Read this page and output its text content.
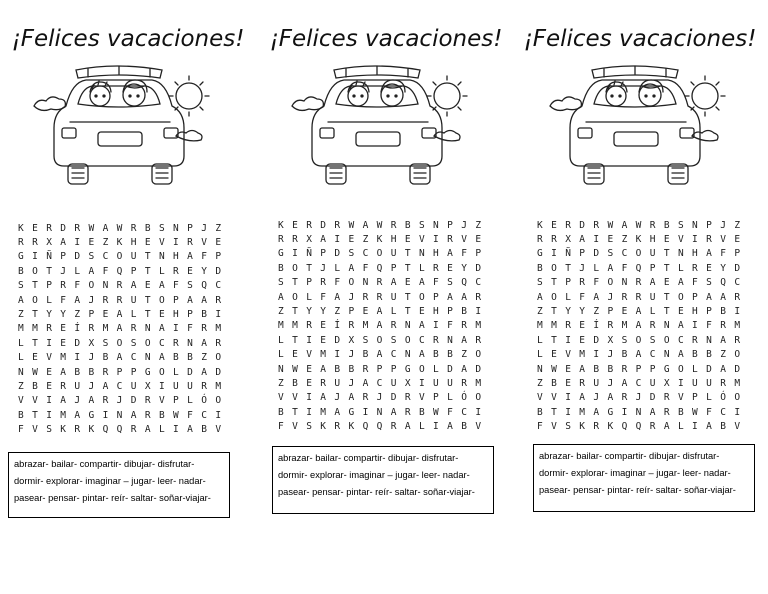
¡Felices vacaciones!
K E R D R W A W R B S N P J Z
R R X A I E Z K H E V I R V E
G I Ñ P D S C O U T N H A F P
B O T J L A F Q P T L R E Y D
S T P R F O N R A E A F S Q C
A O L F A J R R U T O P A A R
Z T Y Y Z P E A L T E H P B I
M M R E Í R M A R N A I F R M
L T I E D X S O S O C R N A R
L E V M I J B A C N A B B Z O
N W E A B B R P P G O L D A D
Z B E R U J A C U X I U U R M
V V I A J A R J D R V P L Ó O
B T I M A G I N A R B W F C I
F V S K R K Q Q R A L I A B V
abrazar- bailar- compartir- dibujar- disfrutar-
dormir- explorar- imaginar – jugar- leer- nadar-
pasear- pensar- pintar- reír- saltar- soñar-viajar-
¡Felices vacaciones!
K E R D R W A W R B S N P J Z
R R X A I E Z K H E V I R V E
G I Ñ P D S C O U T N H A F P
B O T J L A F Q P T L R E Y D
S T P R F O N R A E A F S Q C
A O L F A J R R U T O P A A R
Z T Y Y Z P E A L T E H P B I
M M R E Í R M A R N A I F R M
L T I E D X S O S O C R N A R
L E V M I J B A C N A B B Z O
N W E A B B R P P G O L D A D
Z B E R U J A C U X I U U R M
V V I A J A R J D R V P L Ó O
B T I M A G I N A R B W F C I
F V S K R K Q Q R A L I A B V
abrazar- bailar- compartir- dibujar- disfrutar-
dormir- explorar- imaginar – jugar- leer- nadar-
pasear- pensar- pintar- reír- saltar- soñar-viajar-
¡Felices vacaciones!
K E R D R W A W R B S N P J Z
R R X A I E Z K H E V I R V E
G I Ñ P D S C O U T N H A F P
B O T J L A F Q P T L R E Y D
S T P R F O N R A E A F S Q C
A O L F A J R R U T O P A A R
Z T Y Y Z P E A L T E H P B I
M M R E Í R M A R N A I F R M
L T I E D X S O S O C R N A R
L E V M I J B A C N A B B Z O
N W E A B B R P P G O L D A D
Z B E R U J A C U X I U U R M
V V I A J A R J D R V P L Ó O
B T I M A G I N A R B W F C I
F V S K R K Q Q R A L I A B V
abrazar- bailar- compartir- dibujar- disfrutar-
dormir- explorar- imaginar – jugar- leer- nadar-
pasear- pensar- pintar- reír- saltar- soñar-viajar-
